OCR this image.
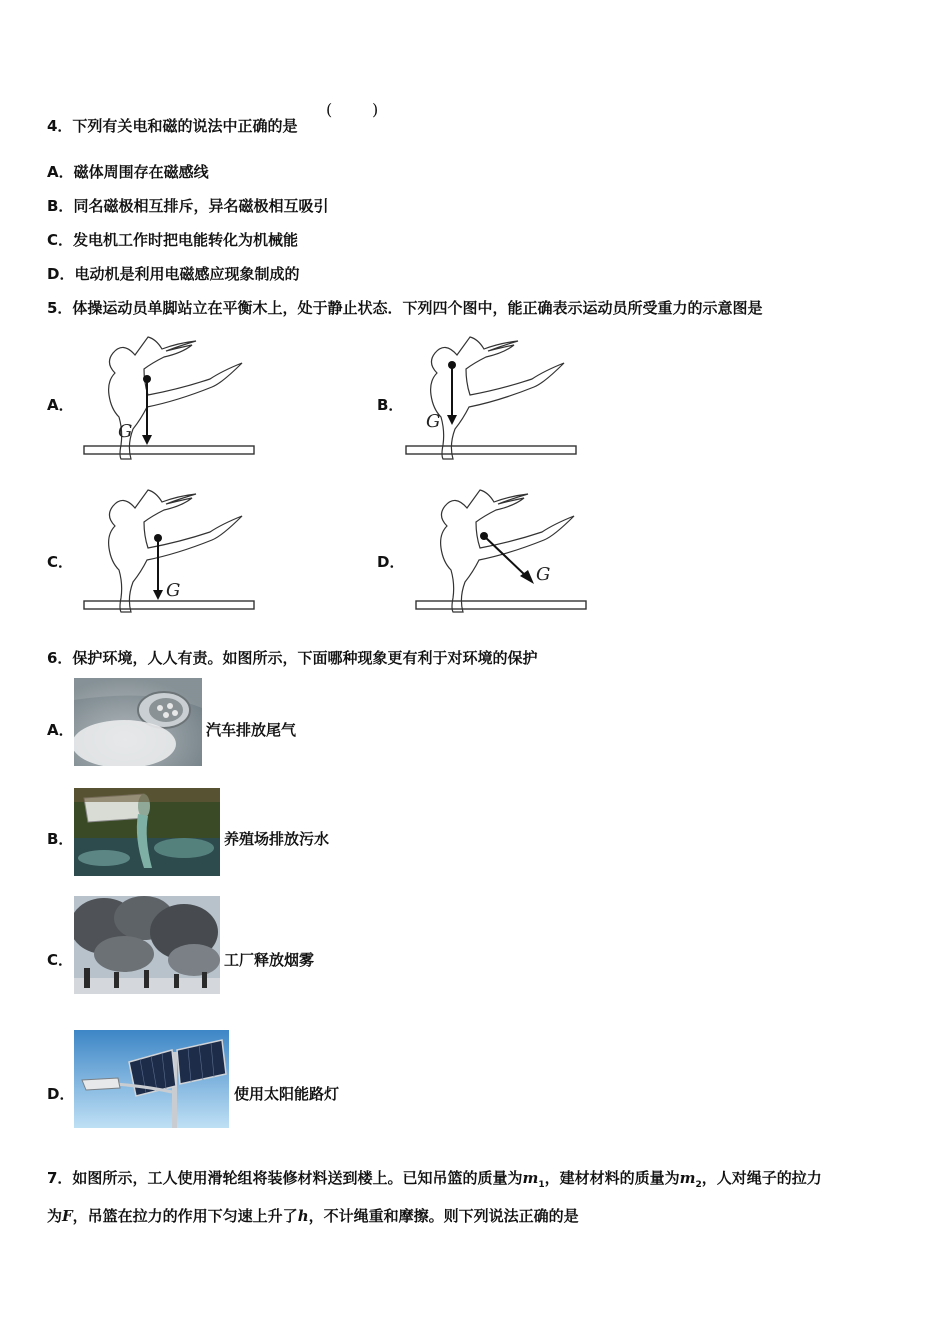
4．下列有关电和磁的说法中正确的是
( )
A．磁体周围存在磁感线
B．同名磁极相互排斥，异名磁极相互吸引
C．发电机工作时把电能转化为机械能
D．电动机是利用电磁感应现象制成的
5．体操运动员单脚站立在平衡木上，处于静止状态．下列四个图中，能正确表示运动员所受重力的示意图是
A．
G
B．
G
C．
G
D．
G
6．保护环境，人人有责。如图所示，下面哪种现象更有利于对环境的保护
A．	汽车排放尾气
B．	养殖场排放污水
C．	工厂释放烟雾
D．	使用太阳能路灯
7．如图所示，工人使用滑轮组将装修材料送到楼上。已知吊篮的质量为$m_1$，建材材料的质量为$m_2$，人对绳子的拉力
为F，吊篮在拉力的作用下匀速上升了h，不计绳重和摩擦。则下列说法正确的是
